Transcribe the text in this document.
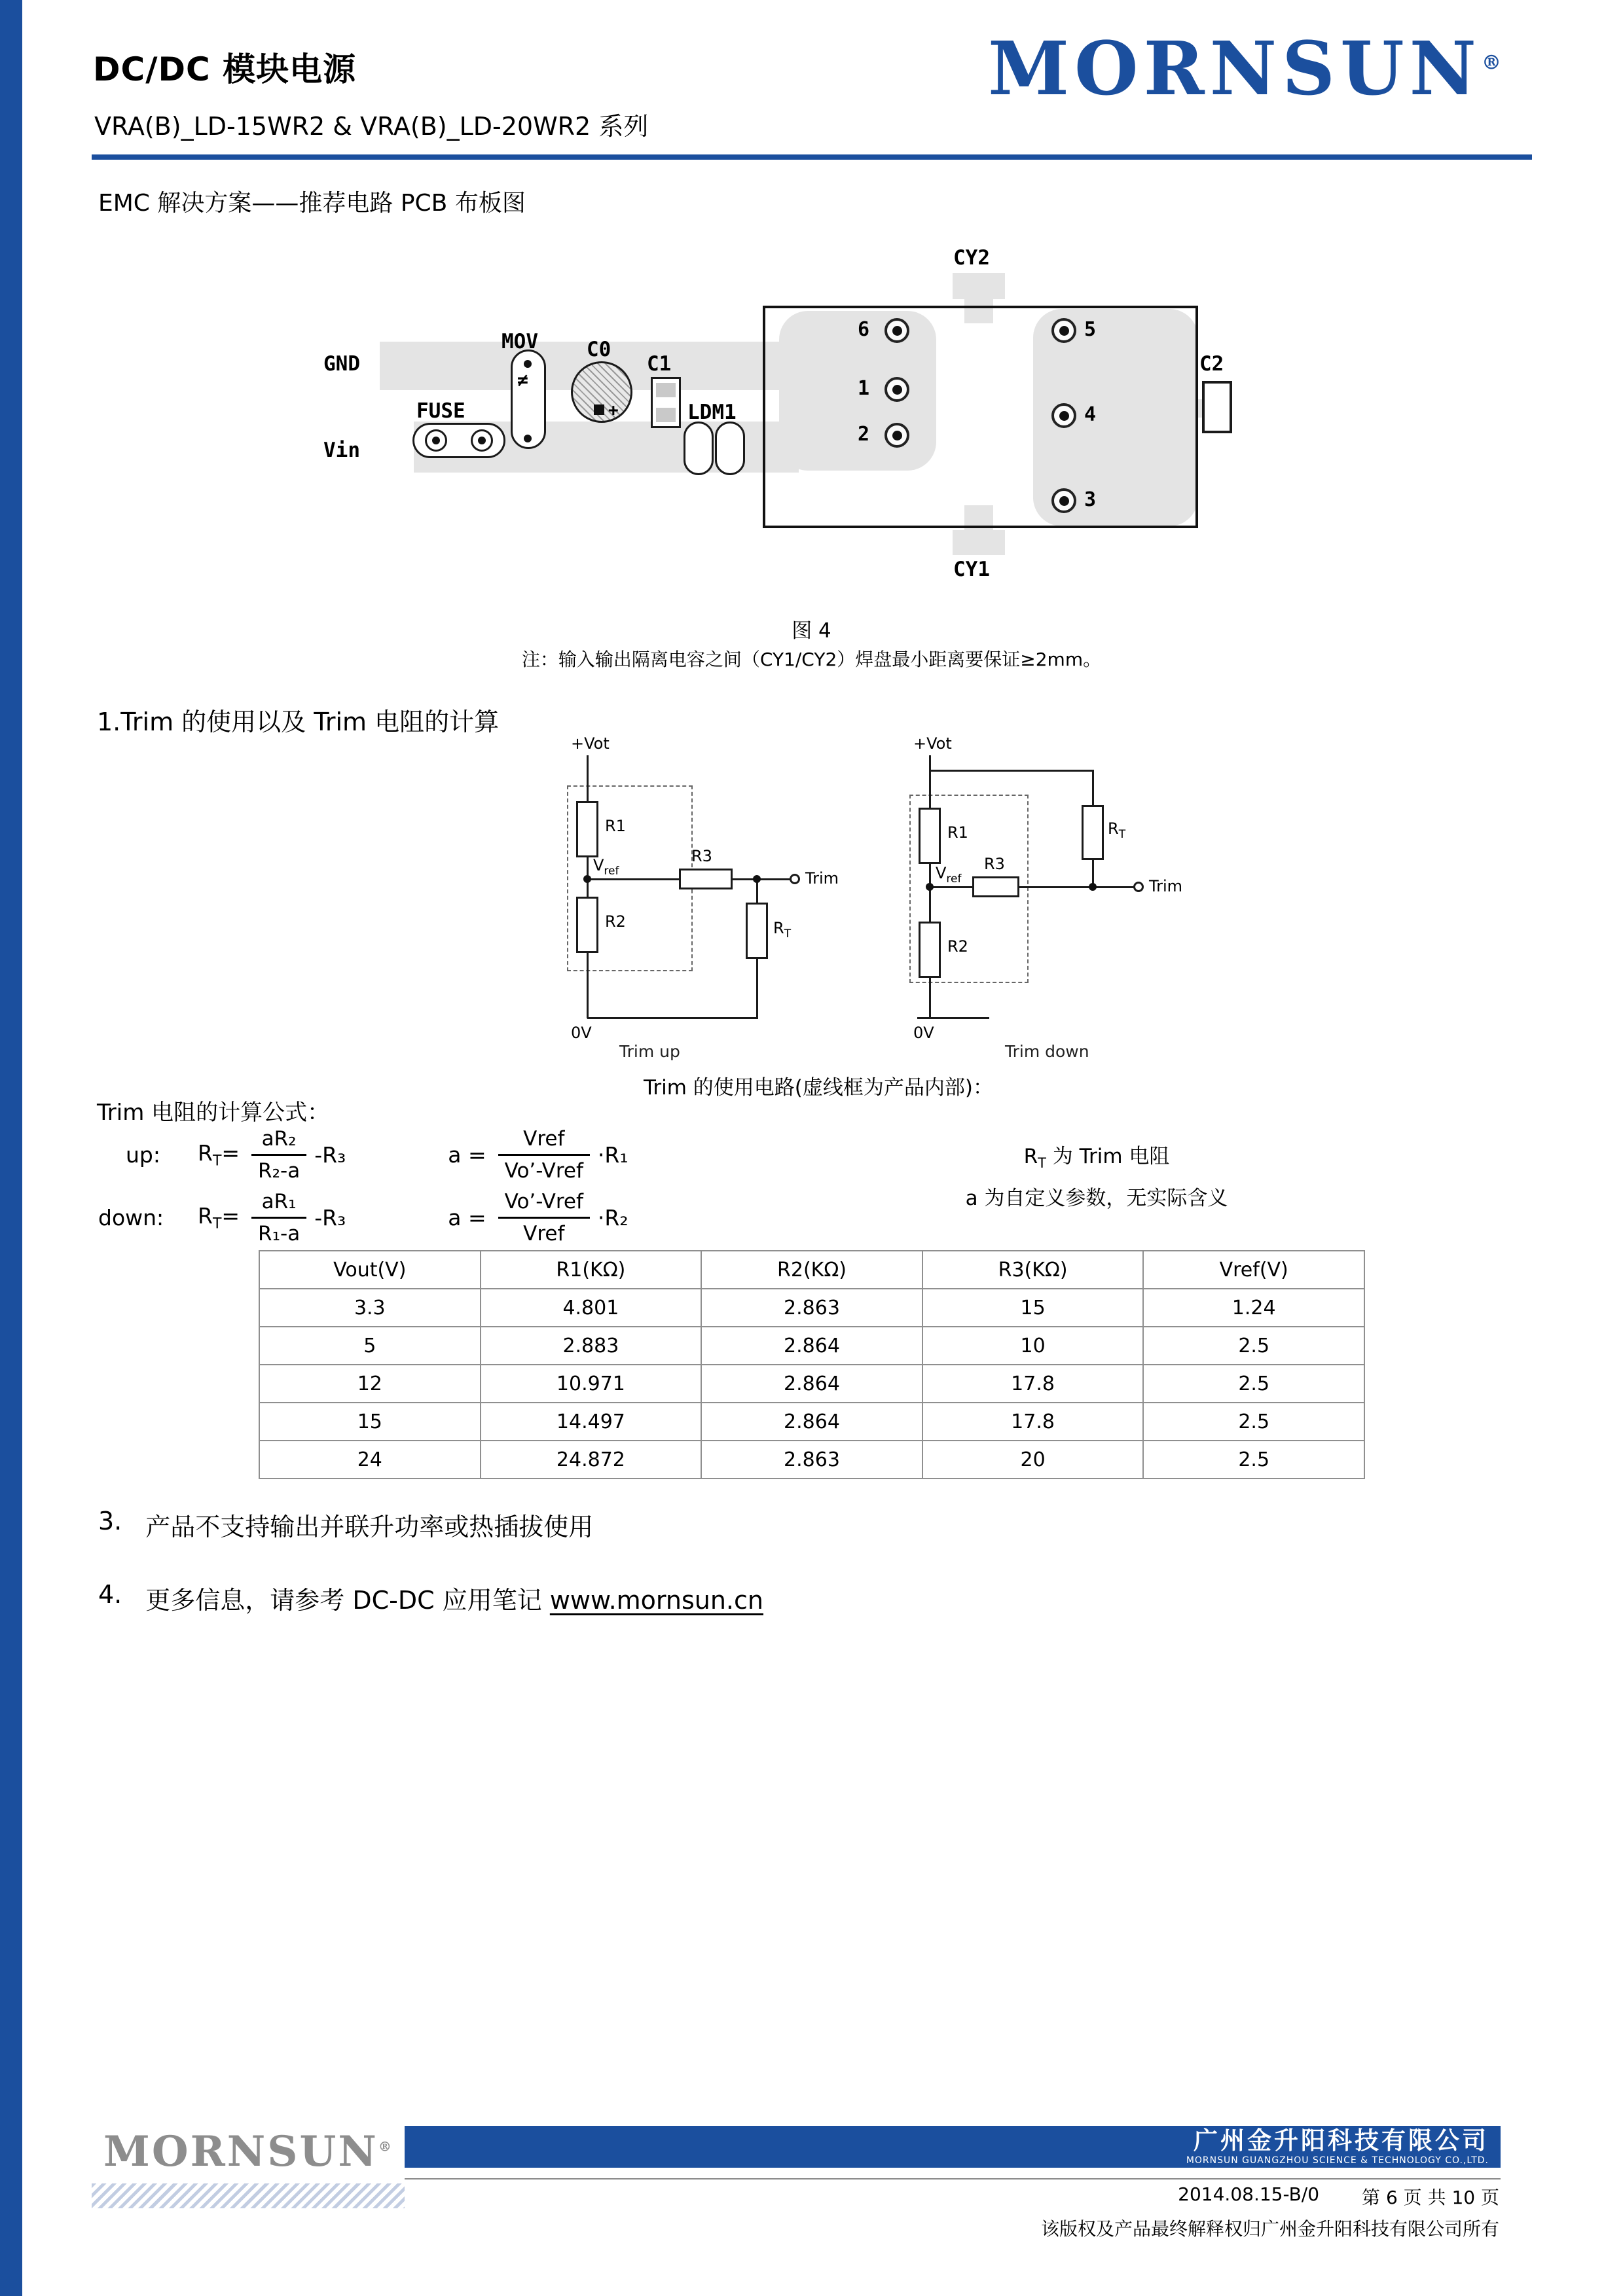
DC/DC 模块电源
VRA(B)_LD-15WR2 & VRA(B)_LD-20WR2 系列
MORNSUN®
EMC 解决方案——推荐电路 PCB 布板图
GND
Vin
FUSE
MOV C0
C1
LDM1
CY2
CY1
C2
≠
+
6
1
2
5
4
3
图 4
注：输入输出隔离电容之间（CY1/CY2）焊盘最小距离要保证≥2mm。
1.Trim 的使用以及 Trim 电阻的计算
+Vot
R1
$V_{ref}$
R2
R3
Trim
$R_T$
0V
Trim up
+Vot
$R_T$
$V_{ref}$
R1
R3
R2
Trim
0V
Trim down
Trim 的使用电路(虚线框为产品内部)：
Trim 电阻的计算公式：
up:	$R_T= \frac{\text{aR₂}}{\text{R₂-a}} -R_3$	$a = \frac{\text{Vref}}{\text{Vo’-Vref}} \cdot R_1$
down:	$R_T= \frac{\text{aR₁}}{\text{R₁-a}} -R_3$	$a = \frac{\text{Vo’-Vref}}{\text{Vref}} \cdot R_2$
$R_T$ 为 Trim 电阻
a 为自定义参数，无实际含义
Vout(V)	R1(KΩ)	R2(KΩ)	R3(KΩ)	Vref(V)
3.3	4.801	2.863	15	1.24
5	2.883	2.864	10	2.5
12	10.971	2.864	17.8	2.5
15	14.497	2.864	17.8	2.5
24	24.872	2.863	20	2.5
3. 产品不支持输出并联升功率或热插拔使用
4. 更多信息，请参考 DC-DC 应用笔记 www.mornsun.cn
MORNSUN®	广州金升阳科技有限公司
MORNSUN GUANGZHOU SCIENCE & TECHNOLOGY CO.,LTD.
2014.08.15-B/0 第 6 页 共 10 页
该版权及产品最终解释权归广州金升阳科技有限公司所有
